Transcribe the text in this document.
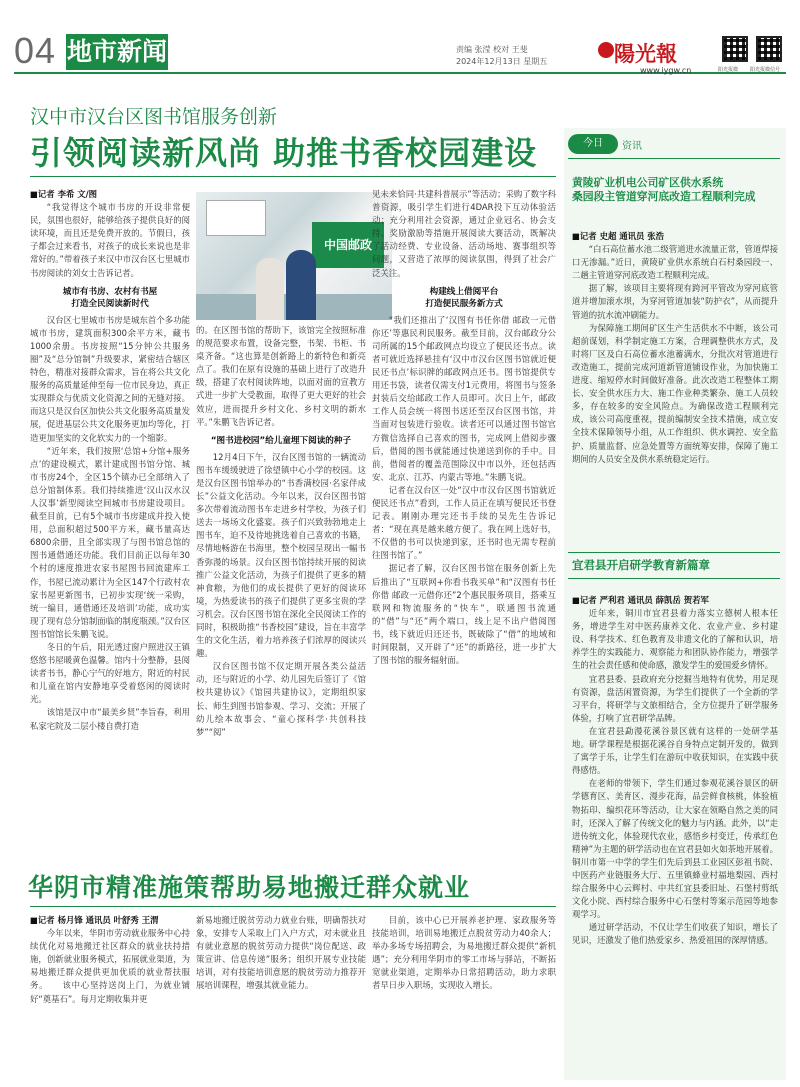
04 地市新闻	责编 张滢 校对 王斐
2024年12月13日 星期五	陽光報
www.iygw.cn	阳光报微 阳光报微信号
汉中市汉台区图书馆服务创新
引领阅读新风尚 助推书香校园建设

■记者 李希 文/图

“我觉得这个城市书房的开设非常便民，氛围也很好，能够给孩子提供良好的阅读环境，而且还是免费开放的。节假日，孩子都会过来看书，对孩子的成长来说也是非常好的。”带着孩子来汉中市汉台区七里城市书房阅读的刘女士告诉记者。

城市有书房、农村有书屋

打造全民阅读新时代

汉台区七里城市书房是城东首个多功能城市书房，建筑面积300余平方米，藏书1000余册。书房按照“15分钟公共服务圈”及“总分馆制”升级要求，紧密结合辖区特色，精准对接群众需求，旨在将公共文化服务的高质量延伸至每一位市民身边，真正实现群众与优质文化资源之间的无缝对接。而这只是汉台区加快公共文化服务高质量发展，促进基层公共文化服务更加均等化，打造更加坚实的文化软实力的一个缩影。

“近年来，我们按照‘总馆+分馆+服务点’的建设模式，累计建成图书馆分馆、城市书房24个，全区15个镇办已全部纳入了总分馆制体系。我们持续推进‘汉山汉水汉人汉事’新型阅读空间城市书房建设项目。截至目前，已有5个城市书房建成并投入使用，总面积超过500平方米，藏书量高达6800余册，且全部实现了与图书馆总馆的图书通借通还功能。我们目前正以每年30个村的速度推进农家书屋图书回流建库工作，书屋已流动累计为全区147个行政村农家书屋更新图书，已初步实现‘统一采购，统一编目，通借通还及培训’功能，成功实现了现有总分馆制面临的制度瓶颈。”汉台区图书馆馆长朱鹏飞说。

冬日的午后，阳光透过窗户照进汉王镇悠悠书屋暖黄色温馨。馆内十分整静，县阅读者书书，静心宁气的好地方，附近的村民和儿童在馆内安静地享受着悠闲的阅读时光。

该馆是汉中市“最美乡贤”李旨春，利用私家宅院及二层小楼自费打造

中国邮政

的。在区图书馆的帮助下，该馆完全按照标准的规范要求布置，设备完整，书架、书柜、书桌齐备。“这也算是创新路上的新特色和新亮点了。我们在原有设施的基础上进行了改造升级，搭建了农村阅读阵地，以面对面的宣教方式进一步扩大受教面，取得了更大更好的社会效应，进而提升乡村文化、乡村文明的新水平。”朱鹏飞告诉记者。

“图书进校园”给儿童埋下阅读的种子

12月4日下午，汉台区图书馆的一辆流动图书车缓缓驶进了徐望镇中心小学的校园。这是汉台区图书馆举办的“书香满校园·名家伴成长”公益文化活动。今年以来，汉台区图书馆多次带着流动图书车走进乡村学校，为孩子们送去一场场文化盛宴。孩子们兴致勃勃地走上图书车，迫不及待地挑选着自己喜欢的书籍，尽情地畅游在书海里，整个校园呈现出一幅书香弥漫的场景。汉台区图书馆持续开展的阅读推广公益文化活动，为孩子们提供了更多的精神食粮，为他们的成长提供了更好的阅读环境，为热爱读书的孩子们提供了更多宝贵的学习机会。汉台区图书馆在深化全民阅读工作的同时，积极助推“书香校园”建设，旨在丰富学生的文化生活，着力培养孩子们浓厚的阅读兴趣。

汉台区图书馆不仅定期开展各类公益活动，还与附近的小学、幼儿园先后签订了《馆校共建协议》《馆园共建协议》，定期组织家长、师生到图书馆参观、学习、交流；开展了幼儿绘本故事会、“童心探科学·共创科技梦”“阅”

见未来恰同·共建科普展示”等活动；采购了数字科普资源，吸引学生们进行4DAR投下互动体验活动；充分利用社会资源，通过企业冠名、协会支持、奖励激励等措施开展阅读大赛活动，既解决了活动经费、专业设备、活动场地、赛事组织等问题，又营造了浓厚的阅读氛围，得到了社会广泛关注。

构建线上借阅平台

打造便民服务新方式

“我们还推出了‘汉图有书任你借 邮政一元借你还’等惠民利民服务。截至目前，汉台邮政分公司所属的15个邮政网点均设立了便民还书点。读者可就近选择悬挂有‘汉中市汉台区图书馆就近便民还书点’标识牌的邮政网点还书。图书馆提供专用还书袋，读者仅需支付1元费用，将图书与签条封装后交给邮政工作人员即可。次日上午，邮政工作人员会统一将图书送还至汉台区图书馆，并当面对包装进行验收。读者还可以通过图书馆官方微信选择自己喜欢的图书，完成网上借阅步骤后，借阅的图书就能通过快递送到你的手中。目前，借阅者的覆盖范围除汉中市以外，还包括西安、北京、江苏、内蒙古等地。”朱鹏飞说。

记者在汉台区一处“汉中市汉台区图书馆就近便民还书点”看到，工作人员正在填写便民还书登记表。刚刚办理完还书手续的吴先生告诉记者：“现在真是越来越方便了。我在网上选好书，不仅借的书可以快递到家，还书时也无需专程前往图书馆了。”

据记者了解，汉台区图书馆在服务创新上先后推出了“互联网+你看书我买单”和“汉图有书任你借 邮政一元借你还”2个惠民服务项目，搭乘互联网和物流服务的“快车”，联通图书流通的“借”与“还”两个端口，线上足不出户借阅图书，线下就近归还还书，既破除了“借”的地域和时间限制，又开辟了“还”的新路径，进一步扩大了图书馆的服务辐射面。

今日	资讯
黄陵矿业机电公司矿区供水系统
桑园段主管道穿河底改造工程顺利完成

■记者 史超 通讯员 张浩

“白石高位蓄水池二级管道进水流量正常，管道焊接口无渗漏。”近日，黄陵矿业供水系统白石村桑园段一、二趟主管道穿河底改造工程顺利完成。

据了解，该项目主要将现有跨河平管改为穿河底管道并增加滚水坝，为穿河管道加装“防护衣”，从而提升管道的抗水流冲刷能力。

为保障施工期间矿区生产生活供水不中断，该公司超前谋划，科学制定施工方案，合理调整供水方式，及时将厂区及白石高位蓄水池蓄满水，分批次对管道进行改造施工，提前完成河道新管道铺设作业，为加快施工进度、缩短停水时间做好准备。此次改造工程整体工期长、安全供水压力大、施工作业种类繁杂、施工人员较多，存在较多的安全风险点。为确保改造工程顺利完成，该公司高度重视，提前编制安全技术措施，成立安全技术保障领导小组，从工作组织、供水调控、安全监护、质量监督、应急处置等方面统筹安排，保障了施工期间的人员安全及供水系统稳定运行。

宜君县开启研学教育新篇章

■记者 严利君 通讯员 薛凯岳 贺若军

近年来，铜川市宜君县着力落实立德树人根本任务，增进学生对中医药康养文化、农业产业、乡村建设、科学技术、红色教育及非遗文化的了解和认识，培养学生的实践能力、观察能力和团队协作能力，增强学生的社会责任感和使命感，激发学生的爱国爱乡情怀。

宜君县委、县政府充分挖掘当地特有优势，用足现有资源，盘活闲置资源，为学生们提供了一个全新的学习平台，将研学与文旅相结合，全方位提升了研学服务体验，打响了宜君研学品牌。

在宜君县勐漫花溪谷景区就有这样的一处研学基地。研学课程是根据花溪谷自身特点定制开发的，做到了寓学于乐，让学生们在游玩中收获知识，在实践中获得感悟。

在老师的带领下，学生们通过参观花溪谷景区的研学德育区、美育区、漫步花海，品尝鲜食核桃，体验植物拓印、编织花环等活动，让大家在领略自然之美的同时，还深入了解了传统文化的魅力与内涵。此外，以“走进传统文化，体验现代农业，感悟乡村变迁，传承红色精神”为主题的研学活动也在宜君县如火如荼地开展着。铜川市第一中学的学生们先后到县工业园区彭祖书院、中医药产业链服务大厅、五里镇蜂业村福地梨园、西村综合服务中心云辉村、中共红宜县委旧址、石堡村剪纸文化小院、西村综合服务中心石堡村等案示范园等地参观学习。

通过研学活动，不仅让学生们收获了知识，增长了见识，还激发了他们热爱家乡、热爱祖国的深厚情感。

华阴市精准施策帮助易地搬迁群众就业

■记者 杨月锋 通讯员 叶舒秀 王渭

今年以来，华阴市劳动就业服务中心持续优化对易地搬迁社区群众的就业扶持措施，创新就业服务模式，拓展就业渠道，为易地搬迁群众提供更加优质的就业帮扶服务。　　该中心坚持送岗上门，为就业铺好“奠基石”。每月定期收集并更

新易地搬迁脱贫劳动力就业台账，明确帮扶对象，安排专人采取上门入户方式，对未就业且有就业意愿的脱贫劳动力提供“岗位配送、政策宣讲、信息传递”服务；组织开展专业技能培训，对有技能培训意愿的脱贫劳动力推荐开展培训课程，增强其就业能力。

目前，该中心已开展养老护理、家政服务等技能培训，培训易地搬迁点脱贫劳动力40余人；举办多场专场招聘会，为易地搬迁群众提供“新机遇”；充分利用华阴市的零工市场与驿站，不断拓宽就业渠道，定期举办日常招聘活动，助力求职者早日步入职场，实现收入增长。
